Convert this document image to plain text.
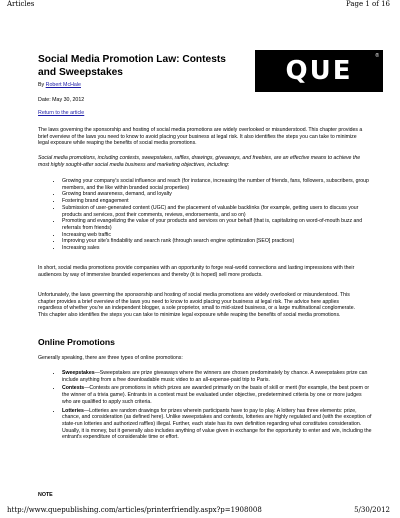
Articles	Page 1 of 16
Social Media Promotion Law: Contests and Sweepstakes	QUE	®
By Robert McHale
Date: May 30, 2012
Return to the article
The laws governing the sponsorship and hosting of social media promotions are widely overlooked or misunderstood. This chapter provides a brief overview of the laws you need to know to avoid placing your business at legal risk. It also identifies the steps you can take to minimize legal exposure while reaping the benefits of social media promotions.
Social media promotions, including contests, sweepstakes, raffles, drawings, giveaways, and freebies, are an effective means to achieve the most highly sought-after social media business and marketing objectives, including:
• Growing your company's social influence and reach (for instance, increasing the number of friends, fans, followers, subscribers, group members, and the like within branded social properties)
• Growing brand awareness, demand, and loyalty
• Fostering brand engagement
• Submission of user-generated content (UGC) and the placement of valuable backlinks (for example, getting users to discuss your products and services, post their comments, reviews, endorsements, and so on)
• Promoting and evangelizing the value of your products and services on your behalf (that is, capitalizing on word-of-mouth buzz and referrals from friends)
• Increasing web traffic
• Improving your site's findability and search rank (through search engine optimization [SEO] practices)
• Increasing sales
In short, social media promotions provide companies with an opportunity to forge real-world connections and lasting impressions with their audiences by way of immersive branded experiences and thereby (it is hoped) sell more products.
Unfortunately, the laws governing the sponsorship and hosting of social media promotions are widely overlooked or misunderstood. This chapter provides a brief overview of the laws you need to know to avoid placing your business at legal risk. The advice here applies regardless of whether you're an independent blogger, a sole proprietor, small to mid-sized business, or a large multinational conglomerate. This chapter also identifies the steps you can take to minimize legal exposure while reaping the benefits of social media promotions.
Online Promotions
Generally speaking, there are three types of online promotions:
• Sweepstakes—Sweepstakes are prize giveaways where the winners are chosen predominately by chance. A sweepstakes prize can include anything from a free downloadable music video to an all-expense-paid trip to Paris.
• Contests—Contests are promotions in which prizes are awarded primarily on the basis of skill or merit (for example, the best poem or the winner of a trivia game). Entrants in a contest must be evaluated under objective, predetermined criteria by one or more judges who are qualified to apply such criteria.
• Lotteries—Lotteries are random drawings for prizes wherein participants have to pay to play. A lottery has three elements: prize, chance, and consideration (as defined here). Unlike sweepstakes and contests, lotteries are highly regulated and (with the exception of state-run lotteries and authorized raffles) illegal. Further, each state has its own definition regarding what constitutes consideration. Usually, it is money, but it generally also includes anything of value given in exchange for the opportunity to enter and win, including the entrant's expenditure of considerable time or effort.
NOTE
http://www.quepublishing.com/articles/printerfriendly.aspx?p=1908008	5/30/2012
